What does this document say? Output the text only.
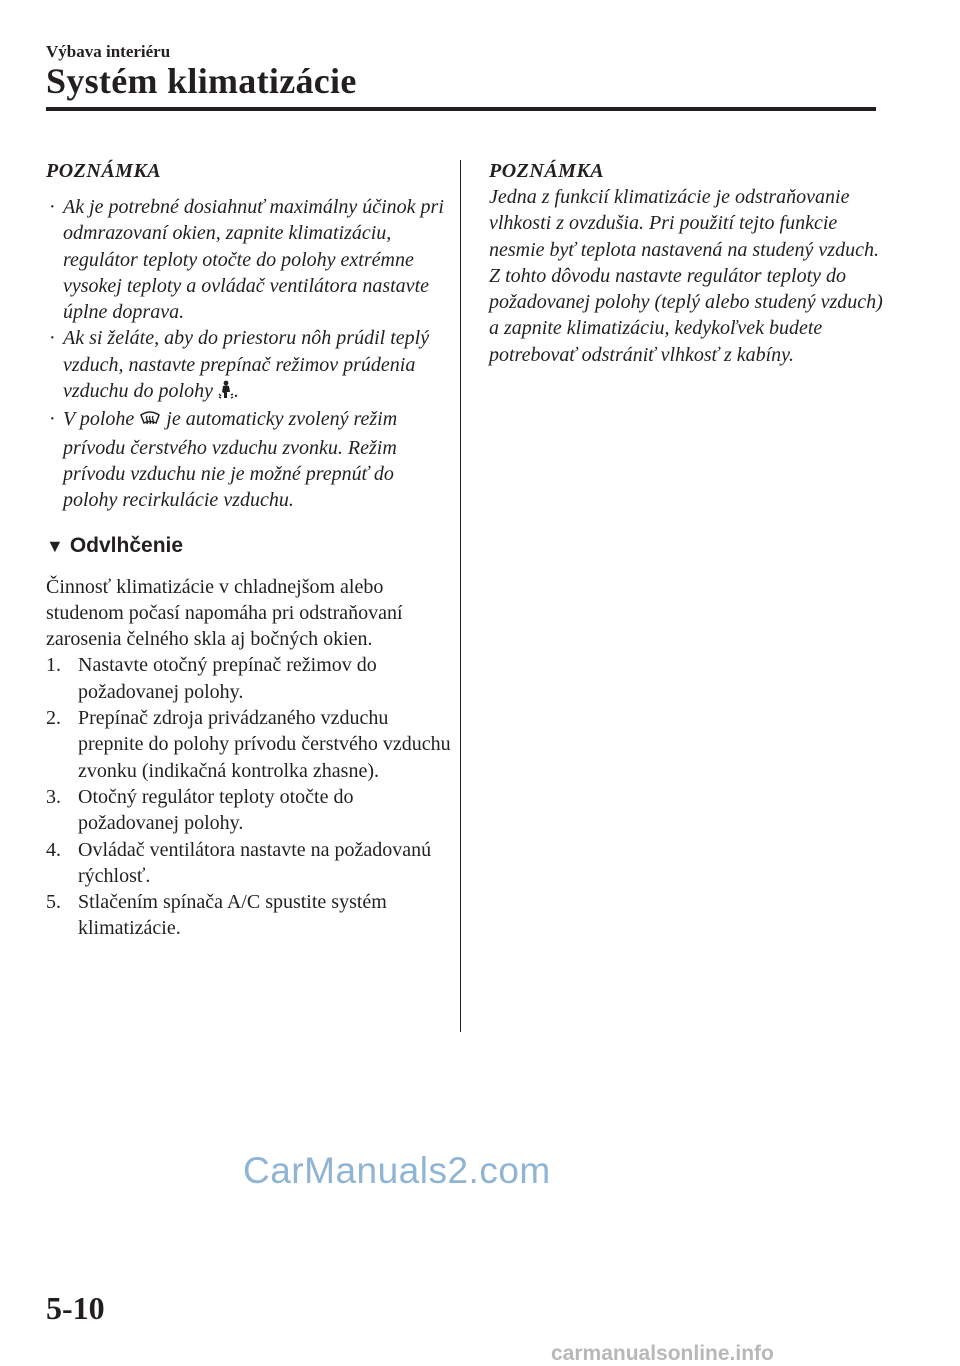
Výbava interiéru
Systém klimatizácie
POZNÁMKA
· Ak je potrebné dosiahnuť maximálny účinok pri odmrazovaní okien, zapnite klimatizáciu, regulátor teploty otočte do polohy extrémne vysokej teploty a ovládač ventilátora nastavte úplne doprava.
· Ak si želáte, aby do priestoru nôh prúdil teplý vzduch, nastavte prepínač režimov prúdenia vzduchu do polohy .
· V polohe  je automaticky zvolený režim prívodu čerstvého vzduchu zvonku. Režim prívodu vzduchu nie je možné prepnúť do polohy recirkulácie vzduchu.
▼ Odvlhčenie

Činnosť klimatizácie v chladnejšom alebo studenom počasí napomáha pri odstraňovaní zarosenia čelného skla aj bočných okien.

1. Nastavte otočný prepínač režimov do požadovanej polohy.
2. Prepínač zdroja privádzaného vzduchu prepnite do polohy prívodu čerstvého vzduchu zvonku (indikačná kontrolka zhasne).
3. Otočný regulátor teploty otočte do požadovanej polohy.
4. Ovládač ventilátora nastavte na požadovanú rýchlosť.
5. Stlačením spínača A/C spustite systém klimatizácie.
POZNÁMKA

Jedna z funkcií klimatizácie je odstraňovanie vlhkosti z ovzdušia. Pri použití tejto funkcie nesmie byť teplota nastavená na studený vzduch. Z tohto dôvodu nastavte regulátor teploty do požadovanej polohy (teplý alebo studený vzduch) a zapnite klimatizáciu, kedykoľvek budete potrebovať odstrániť vlhkosť z kabíny.

CarManuals2.com
5-10
carmanualsonline.info
